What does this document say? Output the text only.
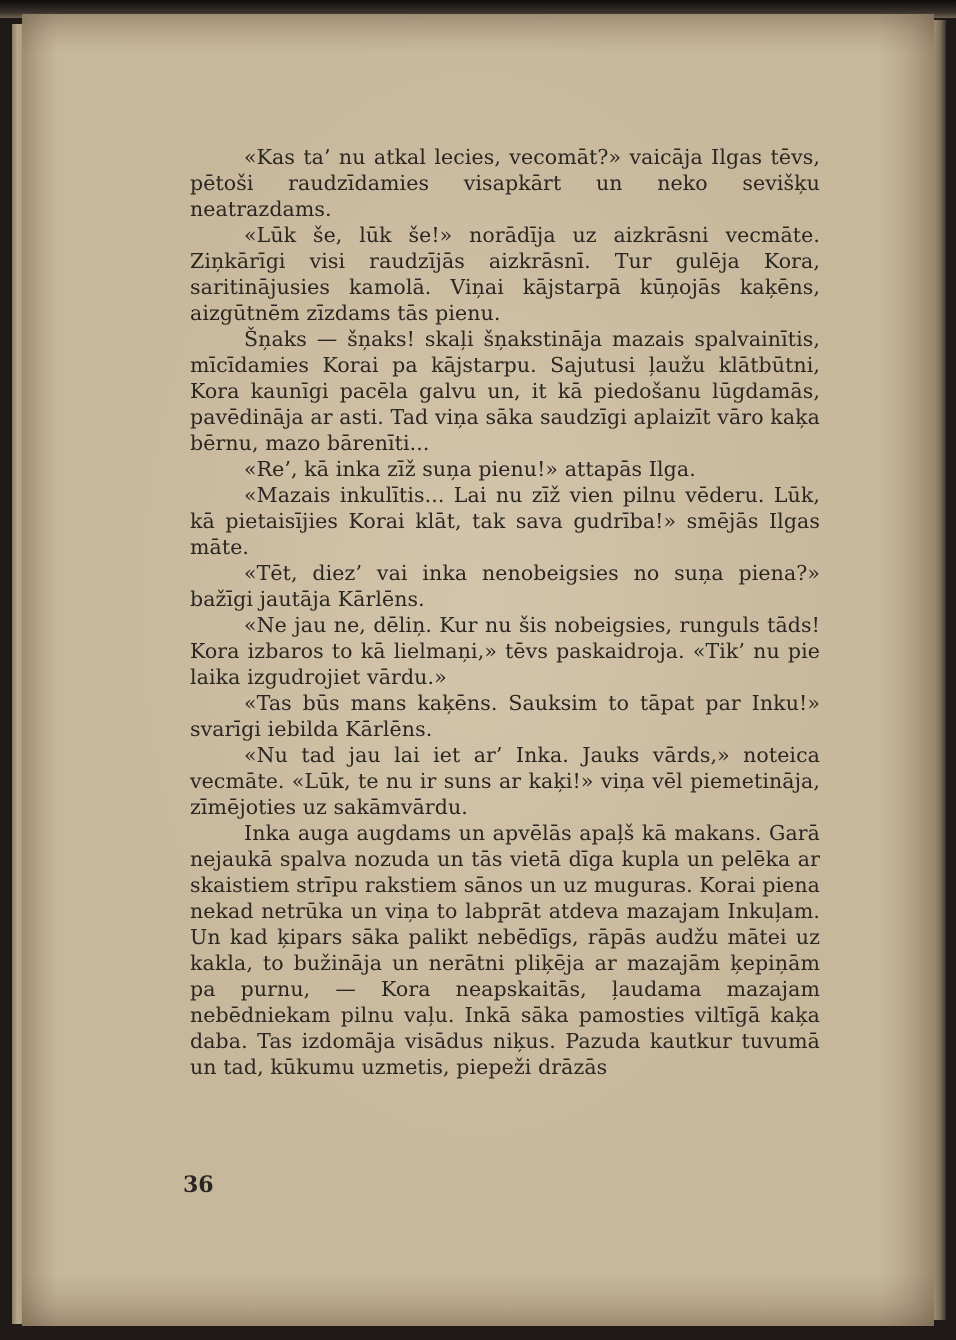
«Kas ta’ nu atkal lecies, vecomāt?» vaicāja Ilgas tēvs, pētoši raudzīdamies visapkārt un neko sevišķu neatrazdams.

«Lūk še, lūk še!» norādīja uz aizkrāsni vecmāte. Ziņkārīgi visi raudzījās aizkrāsnī. Tur gulēja Kora, saritinājusies kamolā. Viņai kājstarpā kūņojās kaķēns, aizgūtnēm zīzdams tās pienu.

Šņaks — šņaks! skaļi šņakstināja mazais spalvainītis, mīcīdamies Korai pa kājstarpu. Sajutusi ļaužu klātbūtni, Kora kaunīgi pacēla galvu un, it kā piedošanu lūgdamās, pavēdināja ar asti. Tad viņa sāka saudzīgi aplaizīt vāro kaķa bērnu, mazo bārenīti...

«Re’, kā inka zīž suņa pienu!» attapās Ilga.

«Mazais inkulītis... Lai nu zīž vien pilnu vēderu. Lūk, kā pietaisījies Korai klāt, tak sava gudrība!» smējās Ilgas māte.

«Tēt, diez’ vai inka nenobeigsies no suņa piena?» bažīgi jautāja Kārlēns.

«Ne jau ne, dēliņ. Kur nu šis nobeigsies, runguls tāds! Kora izbaros to kā lielmaņi,» tēvs paskaidroja. «Tik’ nu pie laika izgudrojiet vārdu.»

«Tas būs mans kaķēns. Sauksim to tāpat par Inku!» svarīgi iebilda Kārlēns.

«Nu tad jau lai iet ar’ Inka. Jauks vārds,» noteica vecmāte. «Lūk, te nu ir suns ar kaķi!» viņa vēl piemetināja, zīmējoties uz sakāmvārdu.

Inka auga augdams un apvēlās apaļš kā makans. Garā nejaukā spalva nozuda un tās vietā dīga kupla un pelēka ar skaistiem strīpu rakstiem sānos un uz muguras. Korai piena nekad netrūka un viņa to labprāt atdeva mazajam Inkuļam. Un kad ķipars sāka palikt nebēdīgs, rāpās audžu mātei uz kakla, to bužināja un nerātni pliķēja ar mazajām ķepiņām pa purnu, — Kora neapskaitās, ļaudama mazajam nebēdniekam pilnu vaļu. Inkā sāka pamosties viltīgā kaķa daba. Tas izdomāja visādus niķus. Pazuda kautkur tuvumā un tad, kūkumu uzmetis, piepeži drāzās

36
